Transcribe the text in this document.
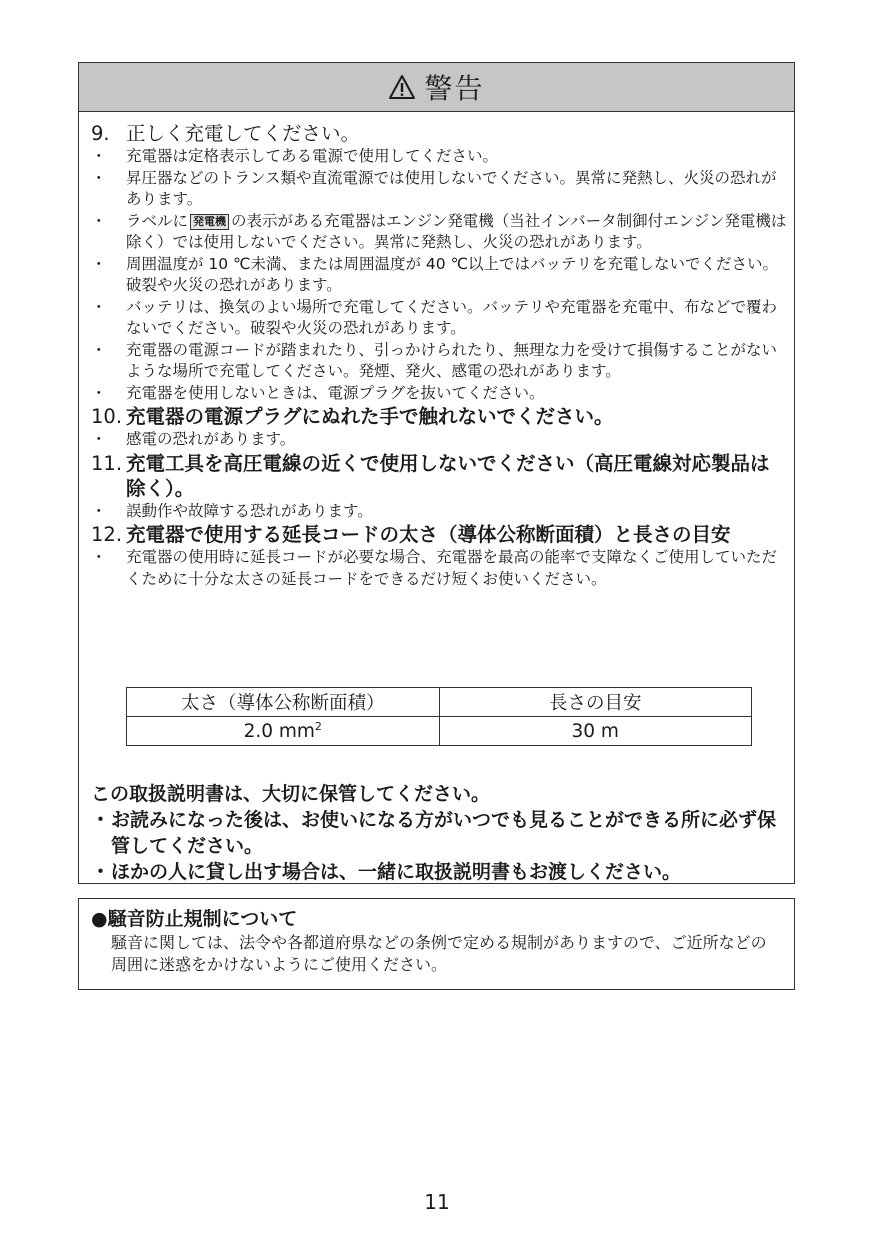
警告
9. 正しく充電してください。
・ 充電器は定格表示してある電源で使用してください。
・ 昇圧器などのトランス類や直流電源では使用しないでください。異常に発熱し、火災の恐れがあります。
・ ラベルに 発電機 の表示がある充電器はエンジン発電機（当社インバータ制御付エンジン発電機は除く）では使用しないでください。異常に発熱し、火災の恐れがあります。
・ 周囲温度が 10 ℃未満、または周囲温度が 40 ℃以上ではバッテリを充電しないでください。破裂や火災の恐れがあります。
・ バッテリは、換気のよい場所で充電してください。バッテリや充電器を充電中、布などで覆わないでください。破裂や火災の恐れがあります。
・ 充電器の電源コードが踏まれたり、引っかけられたり、無理な力を受けて損傷することがないような場所で充電してください。発煙、発火、感電の恐れがあります。
・ 充電器を使用しないときは、電源プラグを抜いてください。
10. 充電器の電源プラグにぬれた手で触れないでください。
・ 感電の恐れがあります。
11. 充電工具を高圧電線の近くで使用しないでください（高圧電線対応製品は除く）。
・ 誤動作や故障する恐れがあります。
12. 充電器で使用する延長コードの太さ（導体公称断面積）と長さの目安
・ 充電器の使用時に延長コードが必要な場合、充電器を最高の能率で支障なくご使用していただくために十分な太さの延長コードをできるだけ短くお使いください。
太さ（導体公称断面積）	長さの目安
2.0 $mm^2$	30 m
この取扱説明書は、大切に保管してください。
・ お読みになった後は、お使いになる方がいつでも見ることができる所に必ず保管してください。
・ ほかの人に貸し出す場合は、一緒に取扱説明書もお渡しください。
●騒音防止規制について
騒音に関しては、法令や各都道府県などの条例で定める規制がありますので、ご近所などの周囲に迷惑をかけないようにご使用ください。
11
